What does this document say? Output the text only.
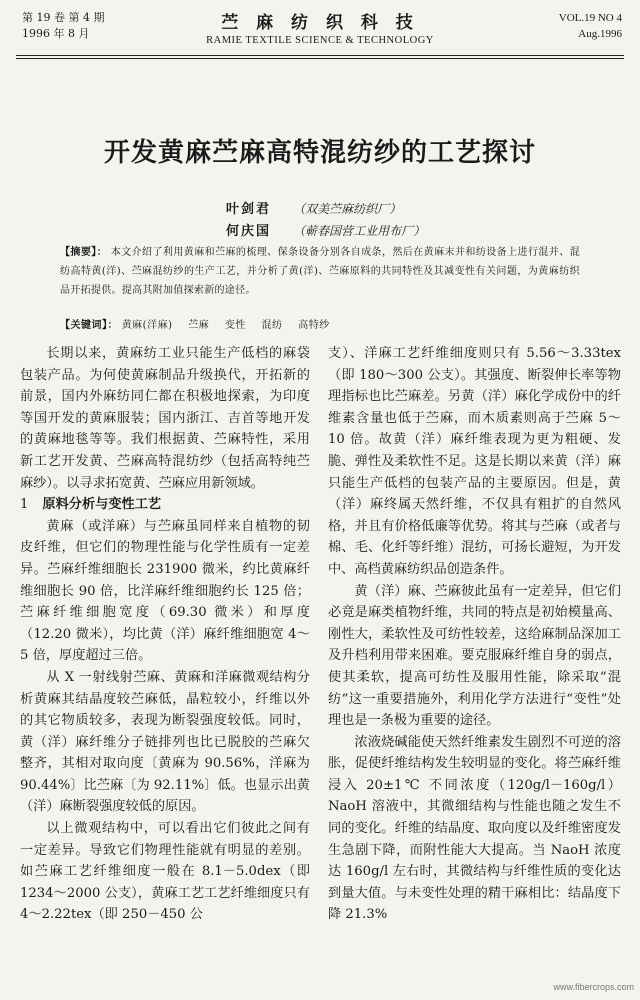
第 19 卷 第 4 期
1996 年 8 月
苎 麻 纺 织 科 技
RAMIE TEXTILE SCIENCE & TECHNOLOGY
VOL.19 NO 4
Aug.1996
开发黄麻苎麻高特混纺纱的工艺探讨
叶剑君 （双美苎麻纺织厂）
何庆国 （蕲春国营工业用布厂）
【摘要】： 本文介绍了利用黄麻和苎麻的梳理、保条设备分别各自成条，然后在黄麻末并和纺设备上进行混并、混纺高特黄(洋)、苎麻混纺纱的生产工艺，并分析了黄(洋)、苎麻原料的共同特性及其减变性有关问题，为黄麻纺织品开拓提供。提高其附加值探索新的途径。
【关键词】： 黄麻(洋麻) 苎麻 变性 混纺 高特纱

长期以来，黄麻纺工业只能生产低档的麻袋包装产品。为何使黄麻制品升级换代，开拓新的前景，国内外麻纺同仁都在积极地探索，为印度等国开发的黄麻服装；国内浙江、吉首等地开发的黄麻地毯等等。我们根据黄、苎麻特性，采用新工艺开发黄、苎麻高特混纺纱（包括高特纯苎麻纱）。以寻求拓宽黄、苎麻应用新领域。

1 原料分析与变性工艺

黄麻（或洋麻）与苎麻虽同样来自植物的韧皮纤维，但它们的物理性能与化学性质有一定差异。苎麻纤维细胞长 231900 微米，约比黄麻纤维细胞长 90 倍，比洋麻纤维细胞约长 125 倍；苎麻纤维细胞宽度（69.30 微米）和厚度（12.20 微米），均比黄（洋）麻纤维细胞宽 4～5 倍，厚度超过三倍。

从 X 一射线射苎麻、黄麻和洋麻微观结构分析黄麻其结晶度较苎麻低，晶粒较小，纤维以外的其它物质较多，表现为断裂强度较低。同时，黄（洋）麻纤维分子链排列也比已脱胶的苎麻欠整齐，其相对取向度〔黄麻为 90.56%，洋麻为 90.44%〕比苎麻〔为 92.11%〕低。也显示出黄（洋）麻断裂强度较低的原因。

以上微观结构中，可以看出它们彼此之间有一定差异。导致它们物理性能就有明显的差别。如苎麻工艺纤维细度一般在 8.1－5.0dex（即 1234～2000 公支），黄麻工艺工艺纤维细度只有 4～2.22tex（即 250－450 公

支）、洋麻工艺纤维细度则只有 5.56～3.33tex（即 180～300 公支）。其强度、断裂伸长率等物理指标也比苎麻差。另黄（洋）麻化学成份中的纤维素含量也低于苎麻，而木质素则高于苎麻 5～10 倍。故黄（洋）麻纤维表现为更为粗硬、发脆、弹性及柔软性不足。这是长期以来黄（洋）麻只能生产低档的包装产品的主要原因。但是，黄（洋）麻终属天然纤维，不仅具有粗扩的自然风格，并且有价格低廉等优势。将其与苎麻（或者与棉、毛、化纤等纤维）混纺，可扬长避短，为开发中、高档黄麻纺织品创造条件。

黄（洋）麻、苎麻彼此虽有一定差异，但它们必竟是麻类植物纤维，共同的特点是初始模量高、刚性大，柔软性及可纺性较差，这给麻制品深加工及升档利用带来困难。要克服麻纤维自身的弱点，使其柔软，提高可纺性及服用性能，除采取“混纺”这一重要措施外，利用化学方法进行“变性”处理也是一条极为重要的途径。

浓液烧碱能使天然纤维素发生剧烈不可逆的溶胀，促使纤维结构发生较明显的变化。将苎麻纤维浸入 20±1℃ 不同浓度（120g/l－160g/l）NaoH 溶液中，其微细结构与性能也随之发生不同的变化。纤维的结晶度、取向度以及纤维密度发生急剧下降，而附性能大大提高。当 NaoH 浓度达 160g/l 左右时，其微结构与纤维性质的变化达到量大值。与未变性处理的精干麻相比：结晶度下降 21.3%

www.fibercrops.com
